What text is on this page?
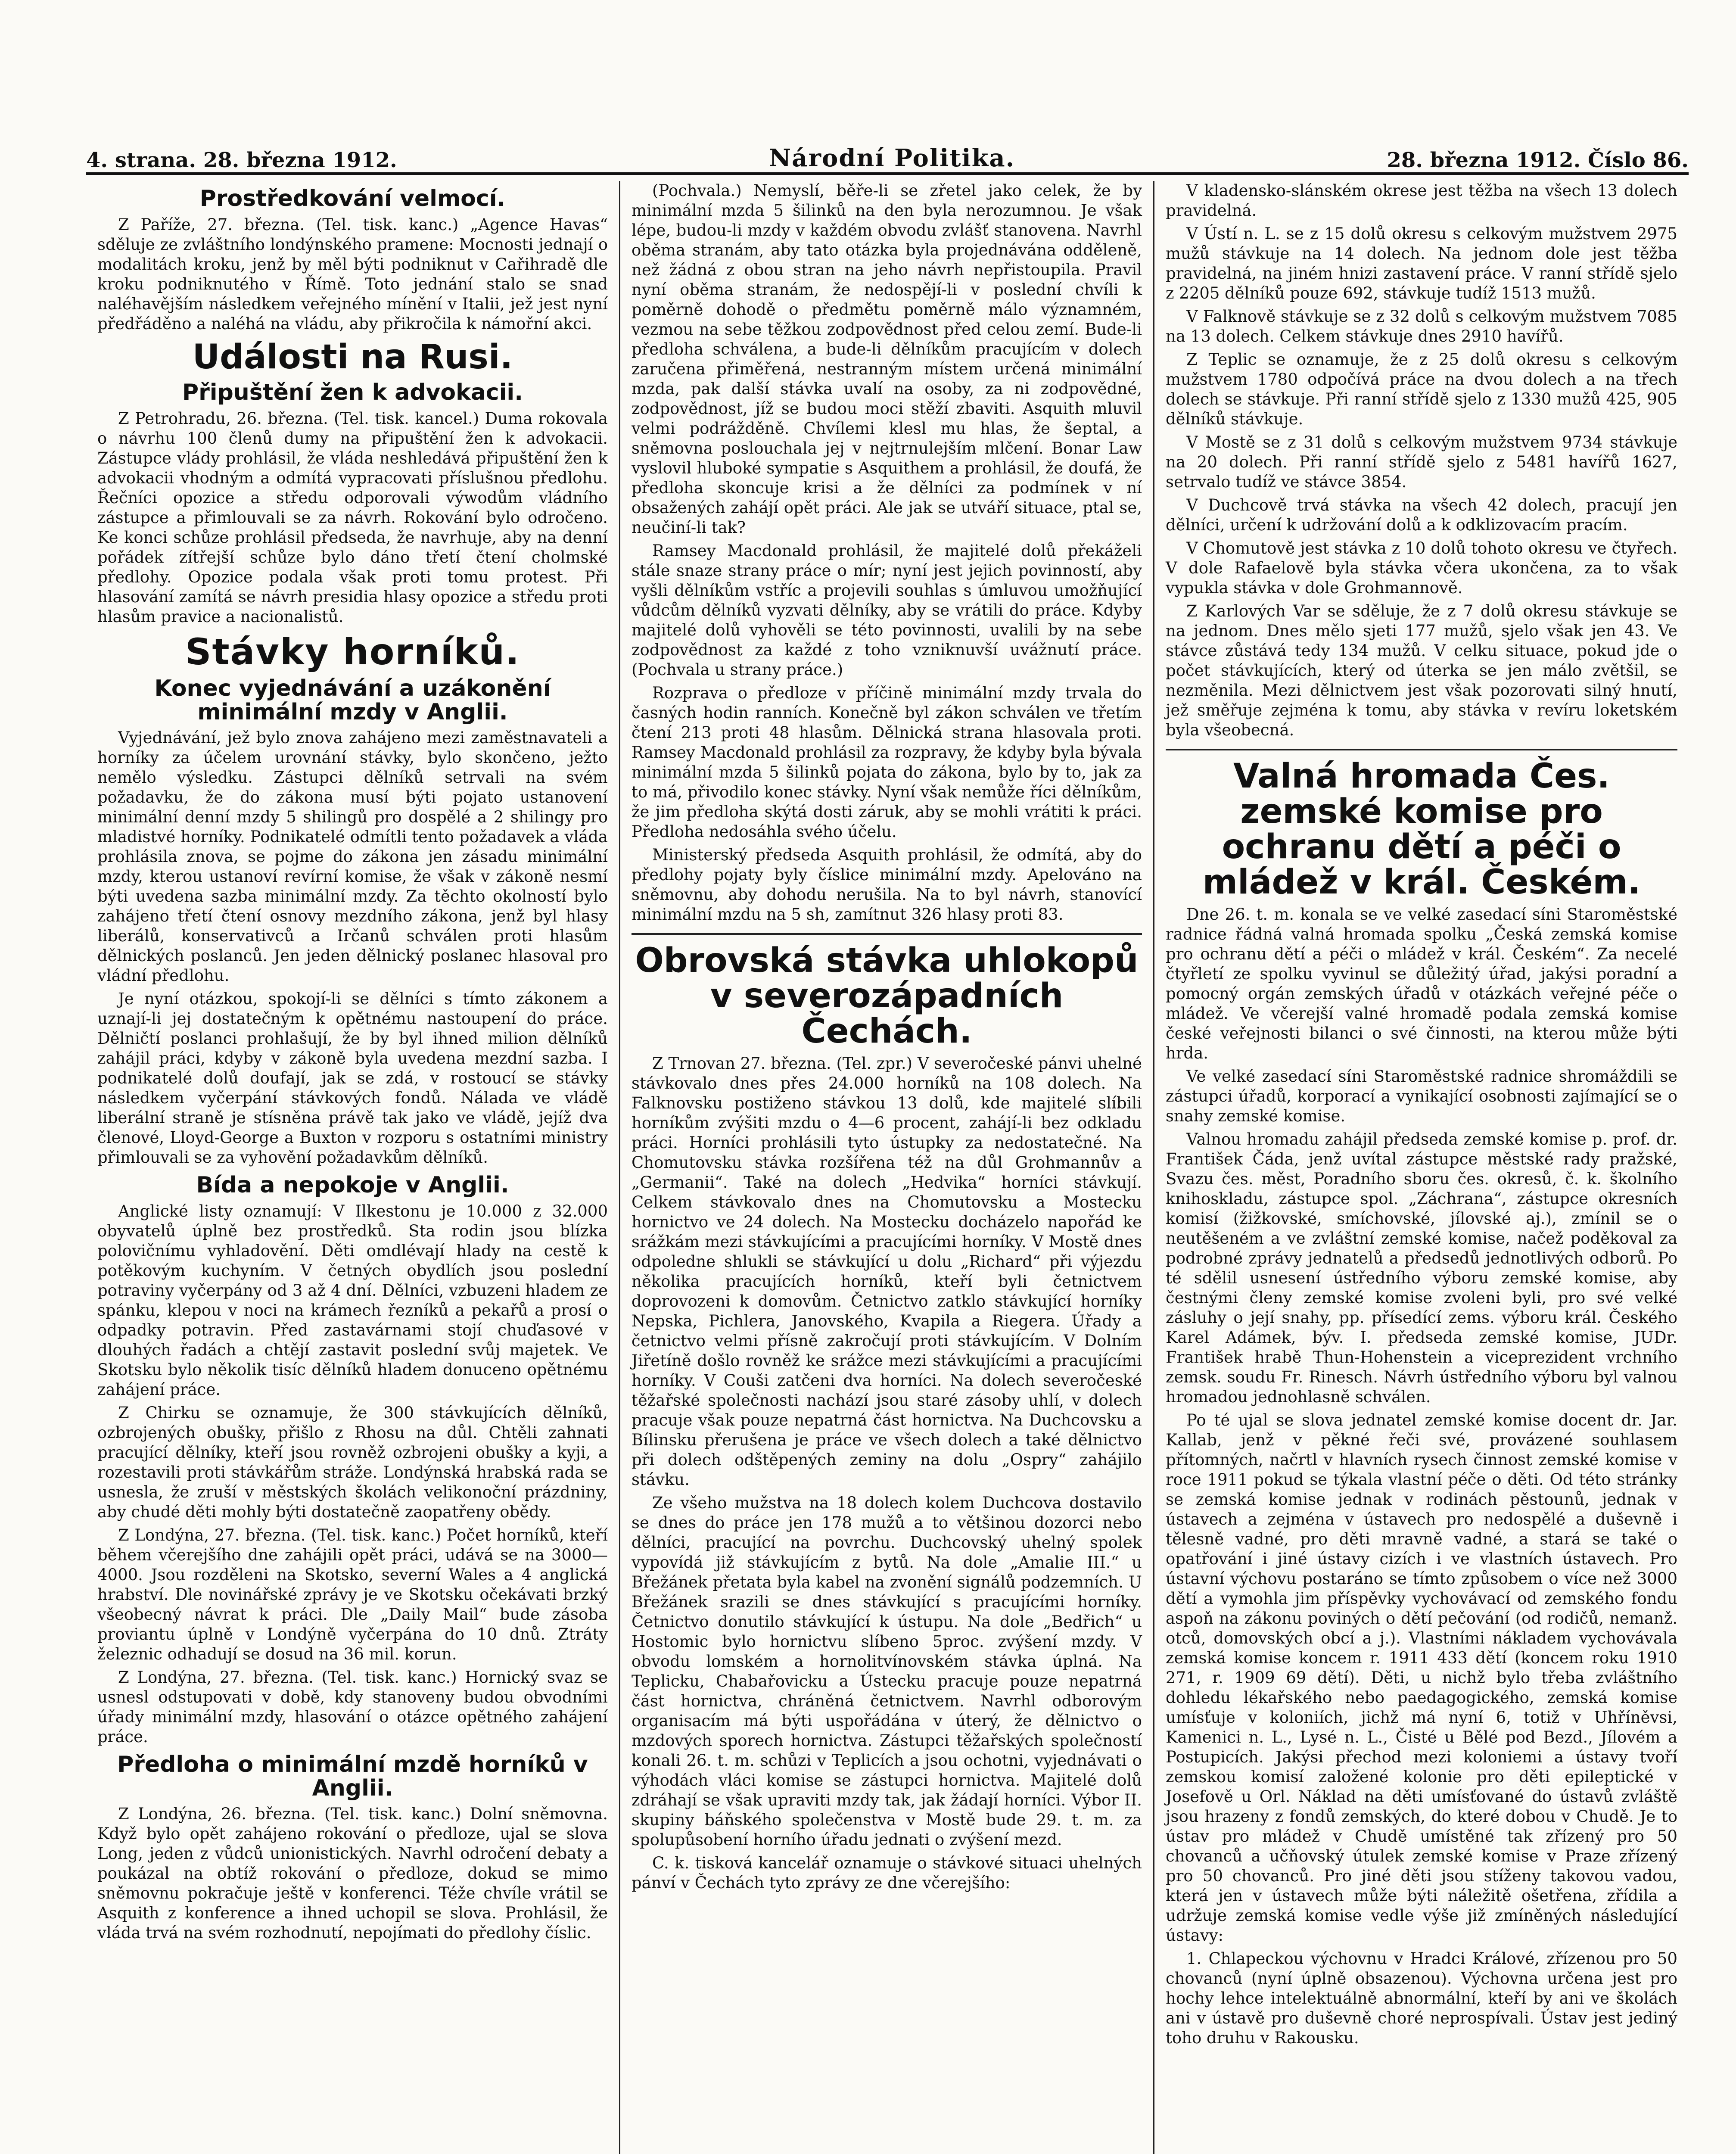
4. strana. 28. března 1912.	Národní Politika.	28. března 1912. Číslo 86.
Prostředkování velmocí.

Z Paříže, 27. března. (Tel. tisk. kanc.) „Agence Havas“ sděluje ze zvláštního londýnského pramene: Mocnosti jednají o modalitách kroku, jenž by měl býti podniknut v Cařihradě dle kroku podniknutého v Římě. Toto jednání stalo se snad naléhavějším následkem veřejného mínění v Italii, jež jest nyní předřáděno a naléhá na vládu, aby přikročila k námořní akci.

Události na Rusi.
Připuštění žen k advokacii.

Z Petrohradu, 26. března. (Tel. tisk. kancel.) Duma rokovala o návrhu 100 členů dumy na připuštění žen k advokacii. Zástupce vlády prohlásil, že vláda neshledává připuštění žen k advokacii vhodným a odmítá vypracovati příslušnou předlohu. Řečníci opozice a středu odporovali výwodům vládního zástupce a přimlouvali se za návrh. Rokování bylo odročeno. Ke konci schůze prohlásil předseda, že navrhuje, aby na denní pořádek zítřejší schůze bylo dáno třetí čtení cholmské předlohy. Opozice podala však proti tomu protest. Při hlasování zamítá se návrh presidia hlasy opozice a středu proti hlasům pravice a nacionalistů.

Stávky horníků.
Konec vyjednávání a uzákonění minimální mzdy v Anglii.

Vyjednávání, jež bylo znova zahájeno mezi zaměstnavateli a horníky za účelem urovnání stávky, bylo skončeno, ježto nemělo výsledku. Zástupci dělníků setrvali na svém požadavku, že do zákona musí býti pojato ustanovení minimální denní mzdy 5 shilingů pro dospělé a 2 shilingy pro mladistvé horníky. Podnikatelé odmítli tento požadavek a vláda prohlásila znova, se pojme do zákona jen zásadu minimální mzdy, kterou ustanoví revírní komise, že však v zákoně nesmí býti uvedena sazba minimální mzdy. Za těchto okolností bylo zahájeno třetí čtení osnovy mezdního zákona, jenž byl hlasy liberálů, konservativců a Irčanů schválen proti hlasům dělnických poslanců. Jen jeden dělnický poslanec hlasoval pro vládní předlohu.

Je nyní otázkou, spokojí-li se dělníci s tímto zákonem a uznají-li jej dostatečným k opětnému nastoupení do práce. Dělničtí poslanci prohlašují, že by byl ihned milion dělníků zahájil práci, kdyby v zákoně byla uvedena mezdní sazba. I podnikatelé dolů doufají, jak se zdá, v rostoucí se stávky následkem vyčerpání stávkových fondů. Nálada ve vládě liberální straně je stísněna právě tak jako ve vládě, jejíž dva členové, Lloyd-George a Buxton v rozporu s ostatními ministry přimlouvali se za vyhovění požadavkům dělníků.

Bída a nepokoje v Anglii.

Anglické listy oznamují: V Ilkestonu je 10.000 z 32.000 obyvatelů úplně bez prostředků. Sta rodin jsou blízka polovičnímu vyhladovění. Děti omdlévají hlady na cestě k potěkovým kuchyním. V četných obydlích jsou poslední potraviny vyčerpány od 3 až 4 dní. Dělníci, vzbuzeni hladem ze spánku, klepou v noci na krámech řezníků a pekařů a prosí o odpadky potravin. Před zastavárnami stojí chuďasové v dlouhých řadách a chtějí zastavit poslední svůj majetek. Ve Skotsku bylo několik tisíc dělníků hladem donuceno opětnému zahájení práce.

Z Chirku se oznamuje, že 300 stávkujících dělníků, ozbrojených obušky, přišlo z Rhosu na důl. Chtěli zahnati pracující dělníky, kteří jsou rovněž ozbrojeni obušky a kyji, a rozestavili proti stávkářům stráže. Londýnská hrabská rada se usnesla, že zruší v městských školách velikonoční prázdniny, aby chudé děti mohly býti dostatečně zaopatřeny obědy.

Z Londýna, 27. března. (Tel. tisk. kanc.) Počet horníků, kteří během včerejšího dne zahájili opět práci, udává se na 3000—4000. Jsou rozděleni na Skotsko, severní Wales a 4 anglická hrabství. Dle novinářské zprávy je ve Skotsku očekávati brzký všeobecný návrat k práci. Dle „Daily Mail“ bude zásoba proviantu úplně v Londýně vyčerpána do 10 dnů. Ztráty železnic odhadují se dosud na 36 mil. korun.

Z Londýna, 27. března. (Tel. tisk. kanc.) Hornický svaz se usnesl odstupovati v době, kdy stanoveny budou obvodními úřady minimální mzdy, hlasování o otázce opětného zahájení práce.

Předloha o minimální mzdě horníků v Anglii.

Z Londýna, 26. března. (Tel. tisk. kanc.) Dolní sněmovna. Když bylo opět zahájeno rokování o předloze, ujal se slova Long, jeden z vůdců unionistických. Navrhl odročení debaty a poukázal na obtíž rokování o předloze, dokud se mimo sněmovnu pokračuje ještě v konferenci. Téže chvíle vrátil se Asquith z konference a ihned uchopil se slova. Prohlásil, že vláda trvá na svém rozhodnutí, nepojímati do předlohy číslic.

(Pochvala.) Nemyslí, běře-li se zřetel jako celek, že by minimální mzda 5 šilinků na den byla nerozumnou. Je však lépe, budou-li mzdy v každém obvodu zvlášť stanovena. Navrhl oběma stranám, aby tato otázka byla projednávána odděleně, než žádná z obou stran na jeho návrh nepřistoupila. Pravil nyní oběma stranám, že nedospějí-li v poslední chvíli k poměrně dohodě o předmětu poměrně málo významném, vezmou na sebe těžkou zodpovědnost před celou zemí. Bude-li předloha schválena, a bude-li dělníkům pracujícím v dolech zaručena přiměřená, nestranným místem určená minimální mzda, pak další stávka uvalí na osoby, za ni zodpovědné, zodpovědnost, jíž se budou moci stěží zbaviti. Asquith mluvil velmi podrážděně. Chvílemi klesl mu hlas, že šeptal, a sněmovna poslouchala jej v nejtrnulejším mlčení. Bonar Law vyslovil hluboké sympatie s Asquithem a prohlásil, že doufá, že předloha skoncuje krisi a že dělníci za podmínek v ní obsažených zahájí opět práci. Ale jak se utváří situace, ptal se, neučiní-li tak?

Ramsey Macdonald prohlásil, že majitelé dolů překáželi stále snaze strany práce o mír; nyní jest jejich povinností, aby vyšli dělníkům vstříc a projevili souhlas s úmluvou umožňující vůdcům dělníků vyzvati dělníky, aby se vrátili do práce. Kdyby majitelé dolů vyhověli se této povinnosti, uvalili by na sebe zodpovědnost za každé z toho vzniknuvší uvážnutí práce. (Pochvala u strany práce.)

Rozprava o předloze v příčině minimální mzdy trvala do časných hodin ranních. Konečně byl zákon schválen ve třetím čtení 213 proti 48 hlasům. Dělnická strana hlasovala proti. Ramsey Macdonald prohlásil za rozpravy, že kdyby byla bývala minimální mzda 5 šilinků pojata do zákona, bylo by to, jak za to má, přivodilo konec stávky. Nyní však nemůže říci dělníkům, že jim předloha skýtá dosti záruk, aby se mohli vrátiti k práci. Předloha nedosáhla svého účelu.

Ministerský předseda Asquith prohlásil, že odmítá, aby do předlohy pojaty byly číslice minimální mzdy. Apelováno na sněmovnu, aby dohodu nerušila. Na to byl návrh, stanovící minimální mzdu na 5 sh, zamítnut 326 hlasy proti 83.

Obrovská stávka uhlokopů v severozápadních Čechách.

Z Trnovan 27. března. (Tel. zpr.) V severočeské pánvi uhelné stávkovalo dnes přes 24.000 horníků na 108 dolech. Na Falknovsku postiženo stávkou 13 dolů, kde majitelé slíbili horníkům zvýšiti mzdu o 4—6 procent, zahájí-li bez odkladu práci. Horníci prohlásili tyto ústupky za nedostatečné. Na Chomutovsku stávka rozšířena též na důl Grohmannův a „Germanii“. Také na dolech „Hedvika“ horníci stávkují. Celkem stávkovalo dnes na Chomutovsku a Mostecku hornictvo ve 24 dolech. Na Mostecku docházelo napořád ke srážkám mezi stávkujícími a pracujícími horníky. V Mostě dnes odpoledne shlukli se stávkující u dolu „Richard“ při výjezdu několika pracujících horníků, kteří byli četnictvem doprovozeni k domovům. Četnictvo zatklo stávkující horníky Nepska, Pichlera, Janovského, Kvapila a Riegera. Úřady a četnictvo velmi přísně zakročují proti stávkujícím. V Dolním Jiřetíně došlo rovněž ke srážce mezi stávkujícími a pracujícími horníky. V Couši zatčeni dva horníci. Na dolech severočeské těžařské společnosti nachází jsou staré zásoby uhlí, v dolech pracuje však pouze nepatrná část hornictva. Na Duchcovsku a Bílinsku přerušena je práce ve všech dolech a také dělnictvo při dolech odštěpených zeminy na dolu „Ospry“ zahájilo stávku.

Ze všeho mužstva na 18 dolech kolem Duchcova dostavilo se dnes do práce jen 178 mužů a to většinou dozorci nebo dělníci, pracující na povrchu. Duchcovský uhelný spolek vypovídá již stávkujícím z bytů. Na dole „Amalie III.“ u Břežánek přetata byla kabel na zvonění signálů podzemních. U Břežánek srazili se dnes stávkující s pracujícími horníky. Četnictvo donutilo stávkující k ústupu. Na dole „Bedřich“ u Hostomic bylo hornictvu slíbeno 5proc. zvýšení mzdy. V obvodu lomském a hornolitvínovském stávka úplná. Na Teplicku, Chabařovicku a Ústecku pracuje pouze nepatrná část hornictva, chráněná četnictvem. Navrhl odborovým organisacím má býti uspořádána v úterý, že dělnictvo o mzdových sporech hornictva. Zástupci těžařských společností konali 26. t. m. schůzi v Teplicích a jsou ochotni, vyjednávati o výhodách vláci komise se zástupci hornictva. Majitelé dolů zdráhají se však upraviti mzdy tak, jak žádají horníci. Výbor II. skupiny báňského společenstva v Mostě bude 29. t. m. za spolupůsobení horního úřadu jednati o zvýšení mezd.

C. k. tisková kancelář oznamuje o stávkové situaci uhelných pánví v Čechách tyto zprávy ze dne včerejšího:

V kladensko-slánském okrese jest těžba na všech 13 dolech pravidelná.

V Ústí n. L. se z 15 dolů okresu s celkovým mužstvem 2975 mužů stávkuje na 14 dolech. Na jednom dole jest těžba pravidelná, na jiném hnizi zastavení práce. V ranní střídě sjelo z 2205 dělníků pouze 692, stávkuje tudíž 1513 mužů.

V Falknově stávkuje se z 32 dolů s celkovým mužstvem 7085 na 13 dolech. Celkem stávkuje dnes 2910 havířů.

Z Teplic se oznamuje, že z 25 dolů okresu s celkovým mužstvem 1780 odpočívá práce na dvou dolech a na třech dolech se stávkuje. Při ranní střídě sjelo z 1330 mužů 425, 905 dělníků stávkuje.

V Mostě se z 31 dolů s celkovým mužstvem 9734 stávkuje na 20 dolech. Při ranní střídě sjelo z 5481 havířů 1627, setrvalo tudíž ve stávce 3854.

V Duchcově trvá stávka na všech 42 dolech, pracují jen dělníci, určení k udržování dolů a k odklizovacím pracím.

V Chomutově jest stávka z 10 dolů tohoto okresu ve čtyřech. V dole Rafaelově byla stávka včera ukončena, za to však vypukla stávka v dole Grohmannově.

Z Karlových Var se sděluje, že z 7 dolů okresu stávkuje se na jednom. Dnes mělo sjeti 177 mužů, sjelo však jen 43. Ve stávce zůstává tedy 134 mužů. V celku situace, pokud jde o počet stávkujících, který od úterka se jen málo zvětšil, se nezměnila. Mezi dělnictvem jest však pozorovati silný hnutí, jež směřuje zejména k tomu, aby stávka v revíru loketském byla všeobecná.

Valná hromada Čes. zemské komise pro ochranu dětí a péči o mládež v král. Českém.

Dne 26. t. m. konala se ve velké zasedací síni Staroměstské radnice řádná valná hromada spolku „Česká zemská komise pro ochranu dětí a péči o mládež v král. Českém“. Za necelé čtyřletí ze spolku vyvinul se důležitý úřad, jakýsi poradní a pomocný orgán zemských úřadů v otázkách veřejné péče o mládež. Ve včerejší valné hromadě podala zemská komise české veřejnosti bilanci o své činnosti, na kterou může býti hrda.

Ve velké zasedací síni Staroměstské radnice shromáždili se zástupci úřadů, korporací a vynikající osobnosti zajímající se o snahy zemské komise.

Valnou hromadu zahájil předseda zemské komise p. prof. dr. František Čáda, jenž uvítal zástupce městské rady pražské, Svazu čes. měst, Poradního sboru čes. okresů, č. k. školního knihoskladu, zástupce spol. „Záchrana“, zástupce okresních komisí (žižkovské, smíchovské, jílovské aj.), zmínil se o neutěšeném a ve zvláštní zemské komise, načež poděkoval za podrobné zprávy jednatelů a předsedů jednotlivých odborů. Po té sdělil usnesení ústředního výboru zemské komise, aby čestnými členy zemské komise zvoleni byli, pro své velké zásluhy o její snahy, pp. přísedící zems. výboru král. Českého Karel Adámek, býv. I. předseda zemské komise, JUDr. František hrabě Thun-Hohenstein a viceprezident vrchního zemsk. soudu Fr. Rinesch. Návrh ústředního výboru byl valnou hromadou jednohlasně schválen.

Po té ujal se slova jednatel zemské komise docent dr. Jar. Kallab, jenž v pěkné řeči své, provázené souhlasem přítomných, načrtl v hlavních rysech činnost zemské komise v roce 1911 pokud se týkala vlastní péče o děti. Od této stránky se zemská komise jednak v rodinách pěstounů, jednak v ústavech a zejména v ústavech pro nedospělé a duševně i tělesně vadné, pro děti mravně vadné, a stará se také o opatřování i jiné ústavy cizích i ve vlastních ústavech. Pro ústavní výchovu postaráno se tímto způsobem o více než 3000 dětí a vymohla jim příspěvky vychovávací od zemského fondu aspoň na zákonu poviných o dětí pečování (od rodičů, nemanž. otců, domovských obcí a j.). Vlastními nákladem vychovávala zemská komise koncem r. 1911 433 dětí (koncem roku 1910 271, r. 1909 69 dětí). Děti, u nichž bylo třeba zvláštního dohledu lékařského nebo paedagogického, zemská komise umísťuje v koloniích, jichž má nyní 6, totiž v Uhříněvsi, Kamenici n. L., Lysé n. L., Čisté u Bělé pod Bezd., Jílovém a Postupicích. Jakýsi přechod mezi koloniemi a ústavy tvoří zemskou komisí založené kolonie pro děti epileptické v Josefově u Orl. Náklad na děti umísťované do ústavů zvláště jsou hrazeny z fondů zemských, do které dobou v Chudě. Je to ústav pro mládež v Chudě umístěné tak zřízený pro 50 chovanců a učňovský útulek zemské komise v Praze zřízený pro 50 chovanců. Pro jiné děti jsou stíženy takovou vadou, která jen v ústavech může býti náležitě ošetřena, zřídila a udržuje zemská komise vedle výše již zmíněných následující ústavy:

1. Chlapeckou výchovnu v Hradci Králové, zřízenou pro 50 chovanců (nyní úplně obsazenou). Výchovna určena jest pro hochy lehce intelektuálně abnormální, kteří by ani ve školách ani v ústavě pro duševně choré neprospívali. Ústav jest jediný toho druhu v Rakousku.
